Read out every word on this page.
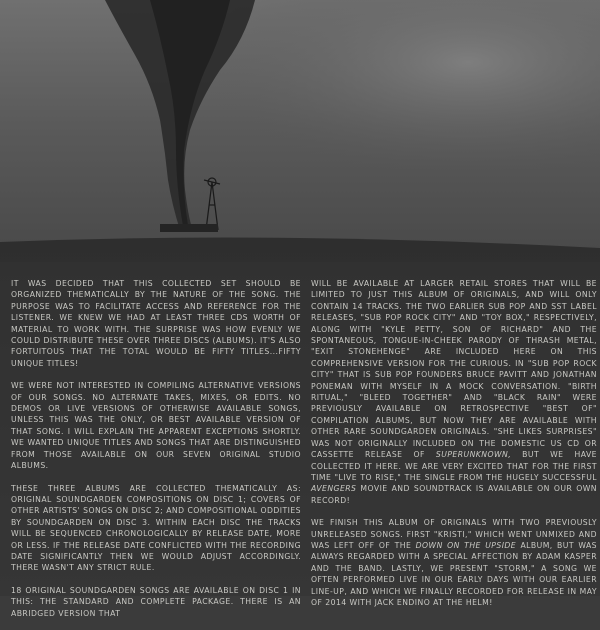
IT WAS DECIDED THAT THIS COLLECTED SET SHOULD BE ORGANIZED THEMATICALLY BY THE NATURE OF THE SONG. THE PURPOSE WAS TO FACILITATE ACCESS AND REFERENCE FOR THE LISTENER. WE KNEW WE HAD AT LEAST THREE CDS WORTH OF MATERIAL TO WORK WITH. THE SURPRISE WAS HOW EVENLY WE COULD DISTRIBUTE THESE OVER THREE DISCS (ALBUMS). IT'S ALSO FORTUITOUS THAT THE TOTAL WOULD BE FIFTY TITLES...FIFTY UNIQUE TITLES!

WE WERE NOT INTERESTED IN COMPILING ALTERNATIVE VERSIONS OF OUR SONGS. NO ALTERNATE TAKES, MIXES, OR EDITS. NO DEMOS OR LIVE VERSIONS OF OTHERWISE AVAILABLE SONGS, UNLESS THIS WAS THE ONLY, OR BEST AVAILABLE VERSION OF THAT SONG. I WILL EXPLAIN THE APPARENT EXCEPTIONS SHORTLY. WE WANTED UNIQUE TITLES AND SONGS THAT ARE DISTINGUISHED FROM THOSE AVAILABLE ON OUR SEVEN ORIGINAL STUDIO ALBUMS.

THESE THREE ALBUMS ARE COLLECTED THEMATICALLY AS: ORIGINAL SOUNDGARDEN COMPOSITIONS ON DISC 1; COVERS OF OTHER ARTISTS' SONGS ON DISC 2; AND COMPOSITIONAL ODDITIES BY SOUNDGARDEN ON DISC 3. WITHIN EACH DISC THE TRACKS WILL BE SEQUENCED CHRONOLOGICALLY BY RELEASE DATE, MORE OR LESS. IF THE RELEASE DATE CONFLICTED WITH THE RECORDING DATE SIGNIFICANTLY THEN WE WOULD ADJUST ACCORDINGLY. THERE WASN'T ANY STRICT RULE.

18 ORIGINAL SOUNDGARDEN SONGS ARE AVAILABLE ON DISC 1 IN THIS: THE STANDARD AND COMPLETE PACKAGE. THERE IS AN ABRIDGED VERSION THAT

WILL BE AVAILABLE AT LARGER RETAIL STORES THAT WILL BE LIMITED TO JUST THIS ALBUM OF ORIGINALS, AND WILL ONLY CONTAIN 14 TRACKS. THE TWO EARLIER SUB POP AND SST LABEL RELEASES, "SUB POP ROCK CITY" AND "TOY BOX," RESPECTIVELY, ALONG WITH "KYLE PETTY, SON OF RICHARD" AND THE SPONTANEOUS, TONGUE-IN-CHEEK PARODY OF THRASH METAL, "EXIT STONEHENGE" ARE INCLUDED HERE ON THIS COMPREHENSIVE VERSION FOR THE CURIOUS. IN "SUB POP ROCK CITY" THAT IS SUB POP FOUNDERS BRUCE PAVITT AND JONATHAN PONEMAN WITH MYSELF IN A MOCK CONVERSATION. "BIRTH RITUAL," "BLEED TOGETHER" AND "BLACK RAIN" WERE PREVIOUSLY AVAILABLE ON RETROSPECTIVE "BEST OF" COMPILATION ALBUMS, BUT NOW THEY ARE AVAILABLE WITH OTHER RARE SOUNDGARDEN ORIGINALS. "SHE LIKES SURPRISES" WAS NOT ORIGINALLY INCLUDED ON THE DOMESTIC US CD OR CASSETTE RELEASE OF SUPERUNKNOWN, BUT WE HAVE COLLECTED IT HERE. WE ARE VERY EXCITED THAT FOR THE FIRST TIME "LIVE TO RISE," THE SINGLE FROM THE HUGELY SUCCESSFUL AVENGERS MOVIE AND SOUNDTRACK IS AVAILABLE ON OUR OWN RECORD!

WE FINISH THIS ALBUM OF ORIGINALS WITH TWO PREVIOUSLY UNRELEASED SONGS. FIRST "KRISTI," WHICH WENT UNMIXED AND WAS LEFT OFF OF THE DOWN ON THE UPSIDE ALBUM, BUT WAS ALWAYS REGARDED WITH A SPECIAL AFFECTION BY ADAM KASPER AND THE BAND. LASTLY, WE PRESENT "STORM," A SONG WE OFTEN PERFORMED LIVE IN OUR EARLY DAYS WITH OUR EARLIER LINE-UP, AND WHICH WE FINALLY RECORDED FOR RELEASE IN MAY OF 2014 WITH JACK ENDINO AT THE HELM!
